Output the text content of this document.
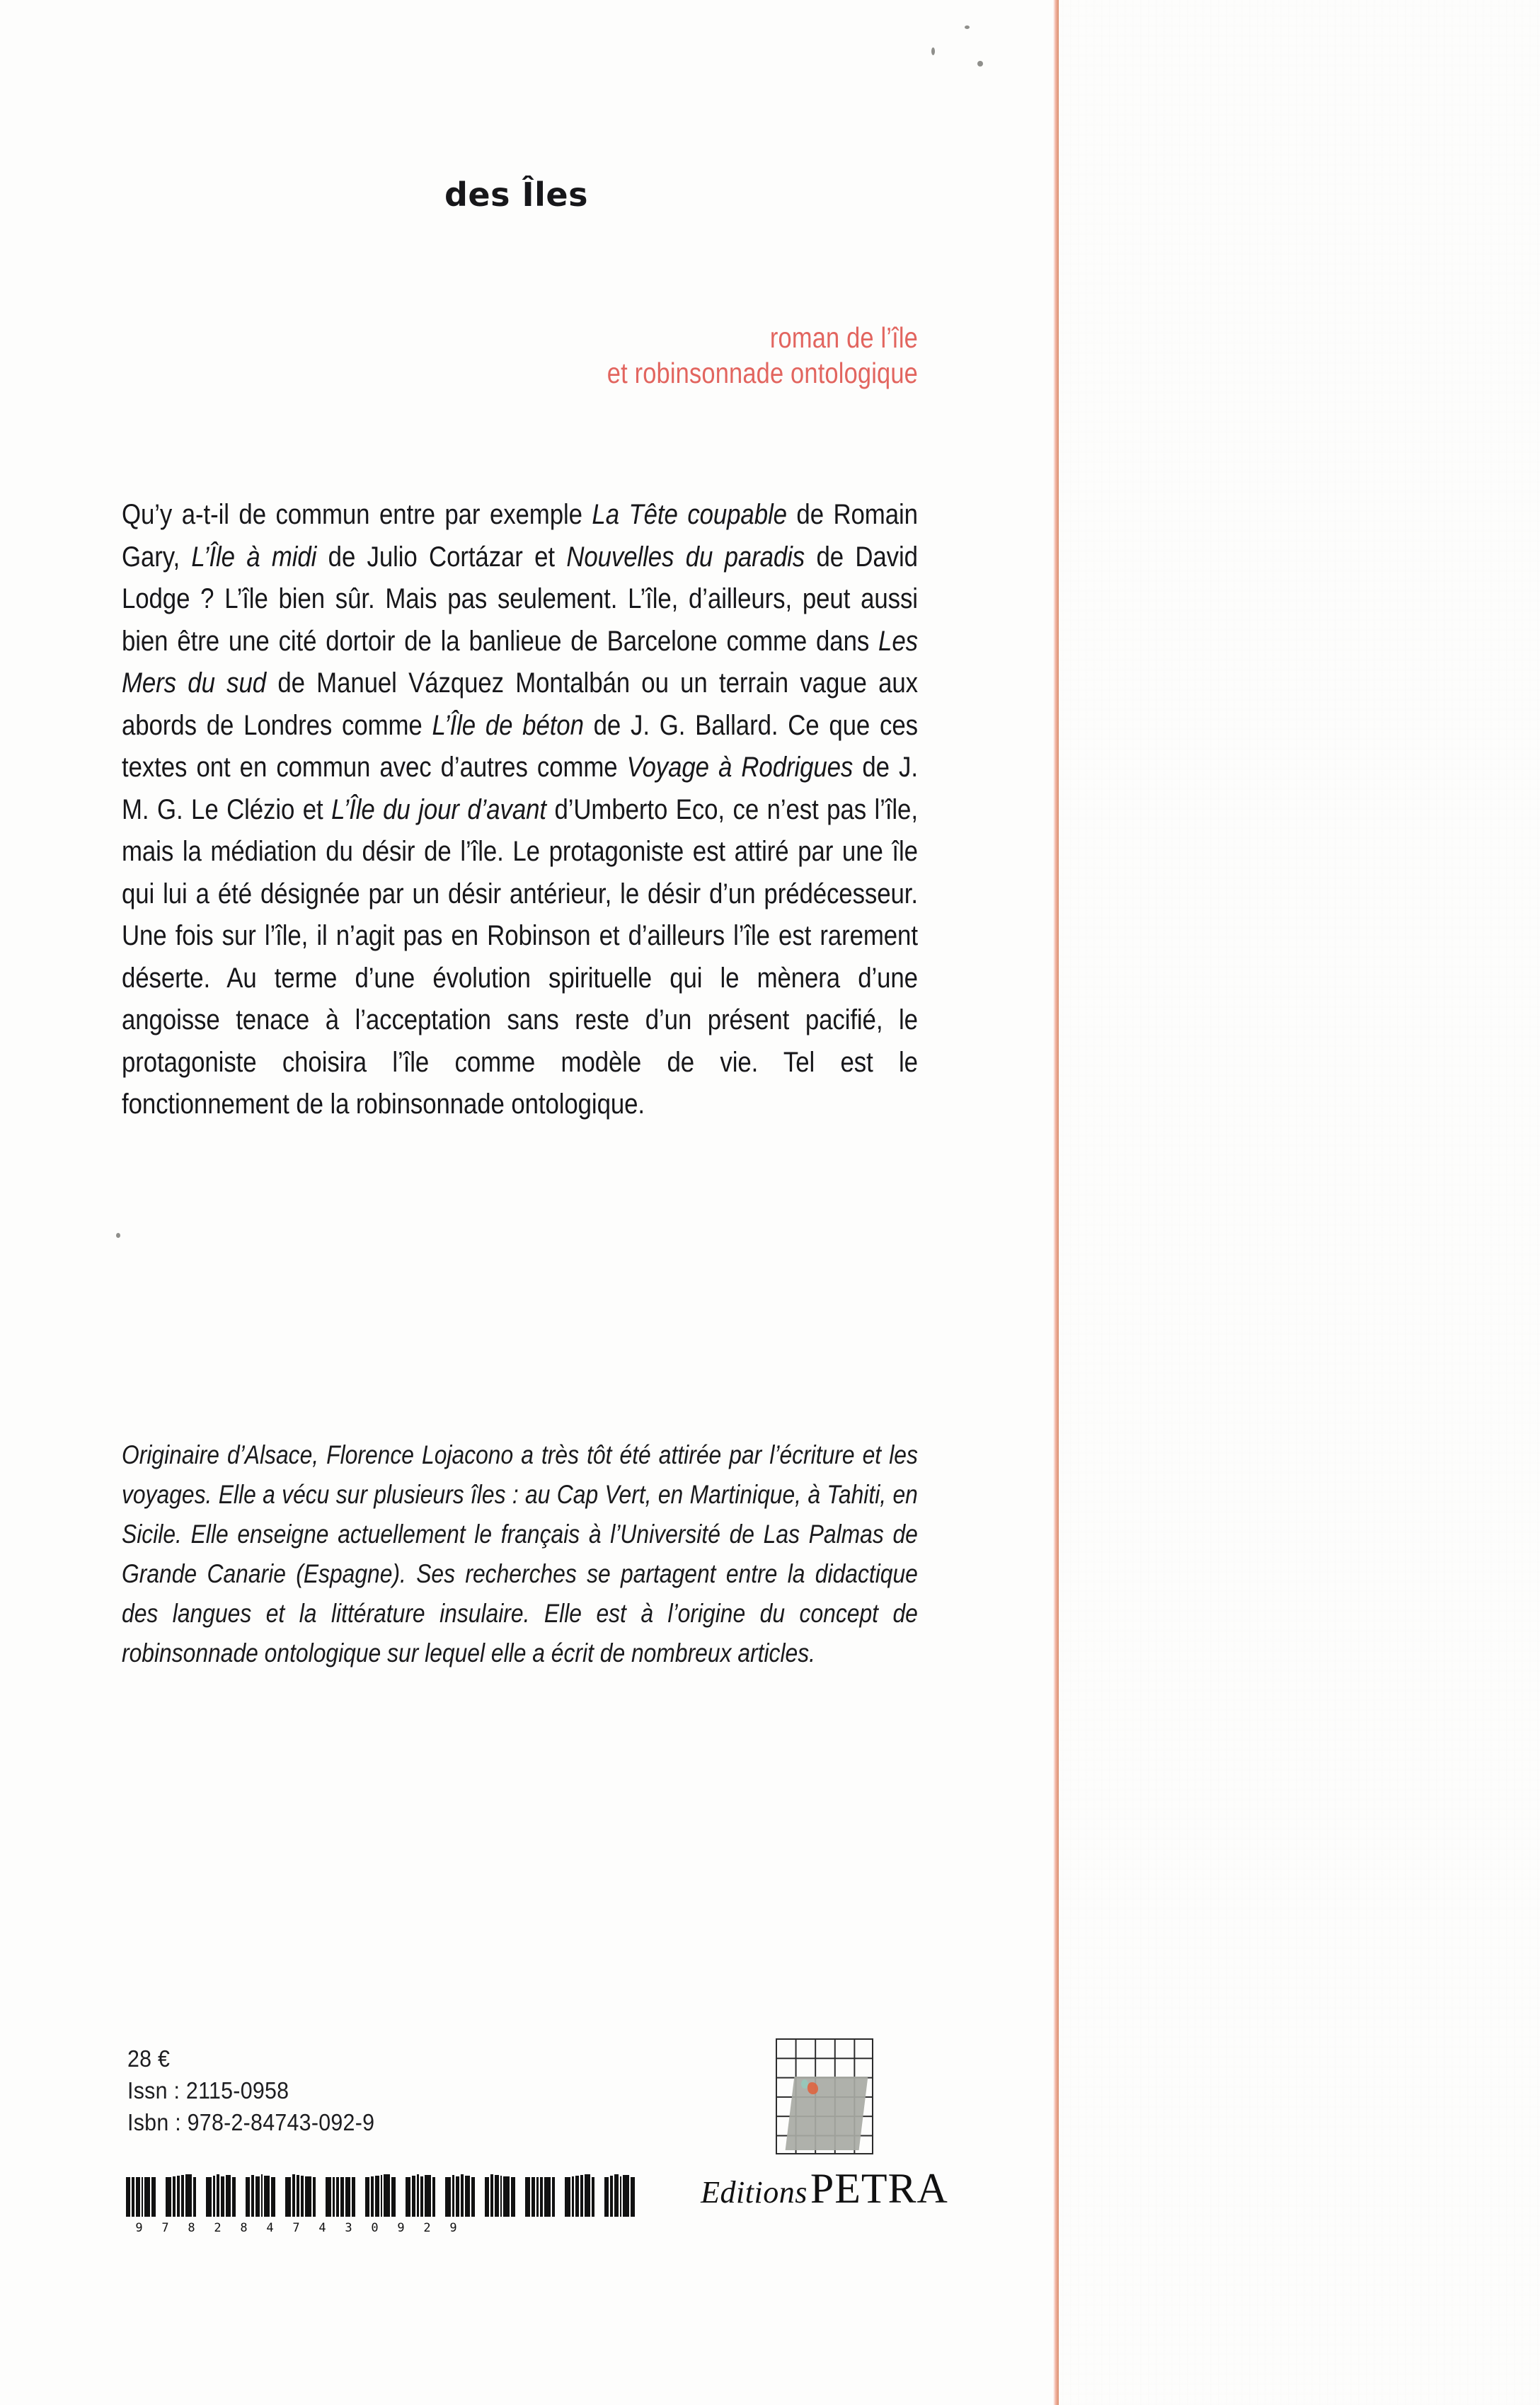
des Îles
roman de l’île

et robinsonnade ontologique
Qu’y a-t-il de commun entre par exemple La Tête coupable de Romain Gary, L’Île à midi de Julio Cortázar et Nouvelles du paradis de David Lodge ? L’île bien sûr. Mais pas seulement. L’île, d’ailleurs, peut aussi bien être une cité dortoir de la banlieue de Barcelone comme dans Les Mers du sud de Manuel Vázquez Montalbán ou un terrain vague aux abords de Londres comme L’Île de béton de J. G. Ballard. Ce que ces textes ont en commun avec d’autres comme Voyage à Rodrigues de J. M. G. Le Clézio et L’Île du jour d’avant d’Umberto Eco, ce n’est pas l’île, mais la médiation du désir de l’île. Le protagoniste est attiré par une île qui lui a été désignée par un désir antérieur, le désir d’un prédécesseur. Une fois sur l’île, il n’agit pas en Robinson et d’ailleurs l’île est rarement déserte. Au terme d’une évolution spirituelle qui le mènera d’une angoisse tenace à l’acceptation sans reste d’un présent pacifié, le protagoniste choisira l’île comme modèle de vie. Tel est le fonctionnement de la robinsonnade ontologique.
Originaire d’Alsace, Florence Lojacono a très tôt été attirée par l’écriture et les voyages. Elle a vécu sur plusieurs îles : au Cap Vert, en Martinique, à Tahiti, en Sicile. Elle enseigne actuellement le français à l’Université de Las Palmas de Grande Canarie (Espagne). Ses recherches se partagent entre la didactique des langues et la littérature insulaire. Elle est à l’origine du concept de robinsonnade ontologique sur lequel elle a écrit de nombreux articles.
28 €
Issn : 2115-0958
Isbn : 978-2-84743-092-9
9	7	8	2	8	4	7	4	3	0	9	2	9
EditionsPETRA
